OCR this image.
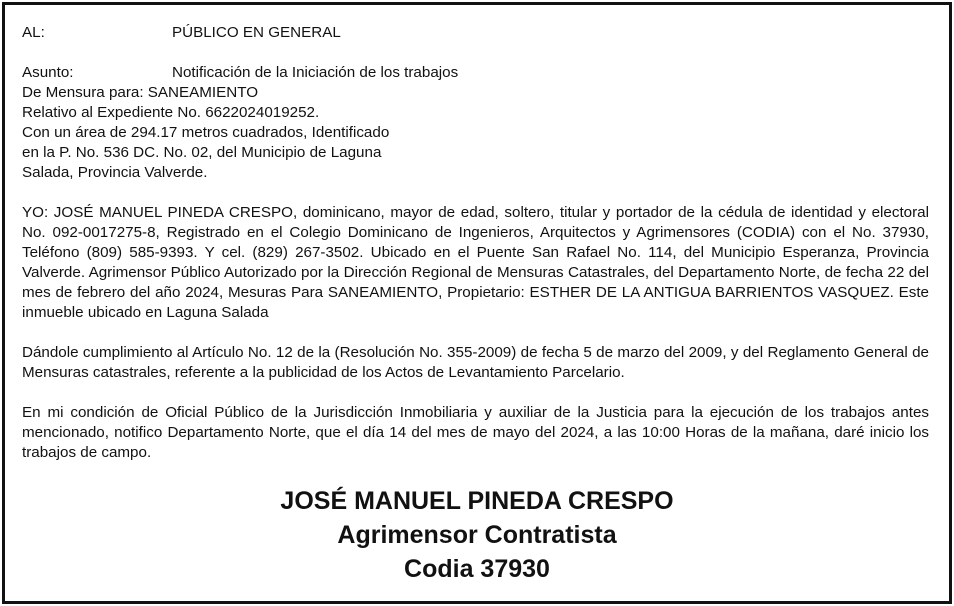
AL:	PÚBLICO EN GENERAL
Asunto:	Notificación de la Iniciación de los trabajos
De Mensura para: SANEAMIENTO
Relativo al Expediente No. 6622024019252.
Con un área de 294.17 metros cuadrados, Identificado
en la P. No. 536 DC. No. 02, del Municipio de Laguna
Salada, Provincia Valverde.

YO: JOSÉ MANUEL PINEDA CRESPO, dominicano, mayor de edad, soltero, titular y portador de la cédula de identidad y electoral No. 092-0017275-8, Registrado en el Colegio Dominicano de Ingenieros, Arquitectos y Agrimensores (CODIA) con el No. 37930, Teléfono (809) 585-9393. Y cel. (829) 267-3502. Ubicado en el Puente San Rafael No. 114, del Municipio Esperanza, Provincia Valverde. Agrimensor Público Autorizado por la Dirección Regional de Mensuras Catastrales, del Departamento Norte, de fecha 22 del mes de febrero del año 2024, Mesuras Para SANEAMIENTO, Propietario: ESTHER DE LA ANTIGUA BARRIENTOS VASQUEZ. Este inmueble ubicado en Laguna Salada

Dándole cumplimiento al Artículo No. 12 de la (Resolución No. 355-2009) de fecha 5 de marzo del 2009, y del Reglamento General de Mensuras catastrales, referente a la publicidad de los Actos de Levantamiento Parcelario.

En mi condición de Oficial Público de la Jurisdicción Inmobiliaria y auxiliar de la Justicia para la ejecución de los trabajos antes mencionado, notifico Departamento Norte, que el día 14 del mes de mayo del 2024, a las 10:00 Horas de la mañana, daré inicio los trabajos de campo.

JOSÉ MANUEL PINEDA CRESPO
Agrimensor Contratista
Codia 37930
